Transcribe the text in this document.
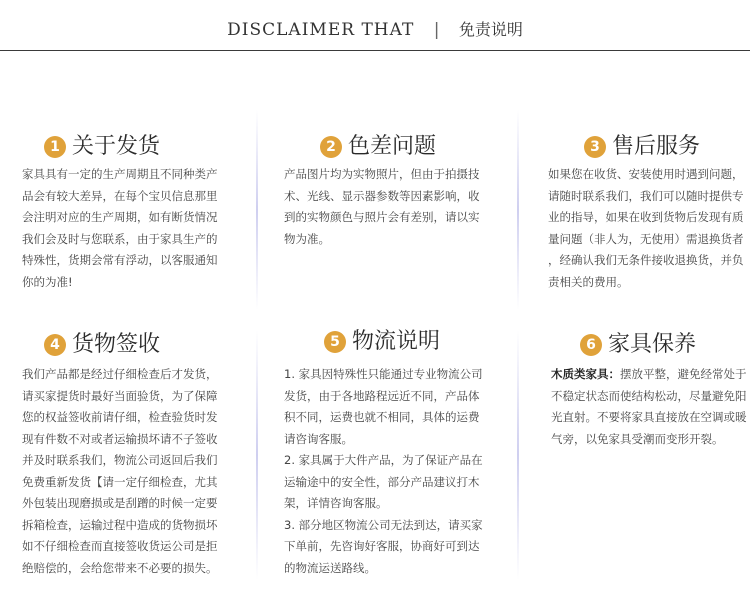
DISCLAIMER THAT | 免责说明
1 关于发货

家具具有一定的生产周期且不同种类产

品会有较大差异，在每个宝贝信息那里

会注明对应的生产周期，如有断货情况

我们会及时与您联系，由于家具生产的

特殊性，货期会常有浮动，以客服通知

你的为准!

2 色差问题

产品图片均为实物照片，但由于拍摄技

术、光线、显示器参数等因素影响，收

到的实物颜色与照片会有差别，请以实

物为准。

3 售后服务

如果您在收货、安装使用时遇到问题，

请随时联系我们，我们可以随时提供专

业的指导，如果在收到货物后发现有质

量问题（非人为，无使用）需退换货者

，经确认我们无条件接收退换货，并负

责相关的费用。

4 货物签收

我们产品都是经过仔细检查后才发货，

请买家提货时最好当面验货，为了保障

您的权益签收前请仔细，检查验货时发

现有件数不对或者运输损坏请不子签收

并及时联系我们，物流公司返回后我们

免费重新发货【请一定仔细检查，尤其

外包装出现磨损或是刮蹭的时候一定要

拆箱检查，运输过程中造成的货物损坏

如不仔细检查而直接签收货运公司是拒

绝赔偿的，会给您带来不必要的损失。

5 物流说明

1. 家具因特殊性只能通过专业物流公司

发货，由于各地路程远近不同，产品体

积不同，运费也就不相同，具体的运费

请咨询客服。

2. 家具属于大件产品，为了保证产品在

运输途中的安全性，部分产品建议打木

架，详情咨询客服。

3. 部分地区物流公司无法到达，请买家

下单前，先咨询好客服，协商好可到达

的物流运送路线。

6 家具保养

木质类家具：摆放平整，避免经常处于

不稳定状态而使结构松动，尽量避免阳

光直射。不要将家具直接放在空调或暖

气旁，以免家具受潮而变形开裂。
